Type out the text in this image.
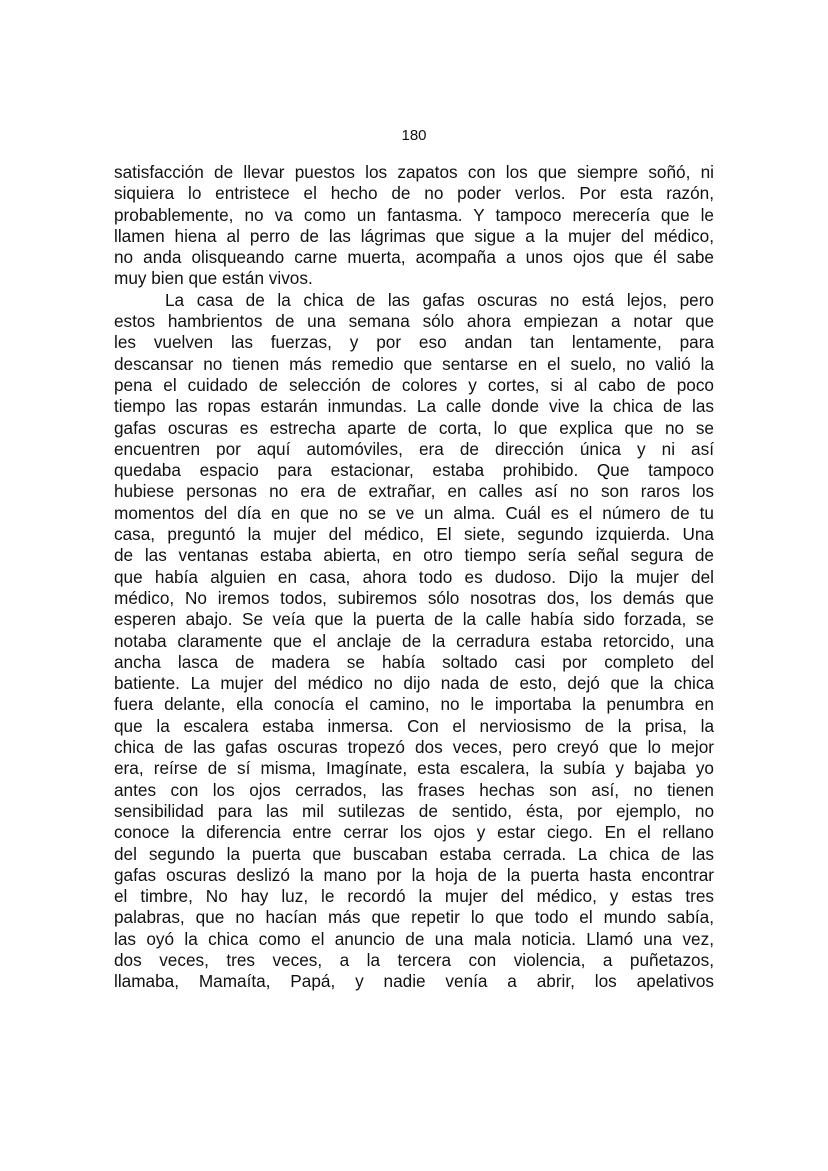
180
satisfacción de llevar puestos los zapatos con los que siempre soñó, ni
siquiera lo entristece el hecho de no poder verlos. Por esta razón,
probablemente, no va como un fantasma. Y tampoco merecería que le
llamen hiena al perro de las lágrimas que sigue a la mujer del médico,
no anda olisqueando carne muerta, acompaña a unos ojos que él sabe
muy bien que están vivos.
La casa de la chica de las gafas oscuras no está lejos, pero
estos hambrientos de una semana sólo ahora empiezan a notar que
les vuelven las fuerzas, y por eso andan tan lentamente, para
descansar no tienen más remedio que sentarse en el suelo, no valió la
pena el cuidado de selección de colores y cortes, si al cabo de poco
tiempo las ropas estarán inmundas. La calle donde vive la chica de las
gafas oscuras es estrecha aparte de corta, lo que explica que no se
encuentren por aquí automóviles, era de dirección única y ni así
quedaba espacio para estacionar, estaba prohibido. Que tampoco
hubiese personas no era de extrañar, en calles así no son raros los
momentos del día en que no se ve un alma. Cuál es el número de tu
casa, preguntó la mujer del médico, El siete, segundo izquierda. Una
de las ventanas estaba abierta, en otro tiempo sería señal segura de
que había alguien en casa, ahora todo es dudoso. Dijo la mujer del
médico, No iremos todos, subiremos sólo nosotras dos, los demás que
esperen abajo. Se veía que la puerta de la calle había sido forzada, se
notaba claramente que el anclaje de la cerradura estaba retorcido, una
ancha lasca de madera se había soltado casi por completo del
batiente. La mujer del médico no dijo nada de esto, dejó que la chica
fuera delante, ella conocía el camino, no le importaba la penumbra en
que la escalera estaba inmersa. Con el nerviosismo de la prisa, la
chica de las gafas oscuras tropezó dos veces, pero creyó que lo mejor
era, reírse de sí misma, Imagínate, esta escalera, la subía y bajaba yo
antes con los ojos cerrados, las frases hechas son así, no tienen
sensibilidad para las mil sutilezas de sentido, ésta, por ejemplo, no
conoce la diferencia entre cerrar los ojos y estar ciego. En el rellano
del segundo la puerta que buscaban estaba cerrada. La chica de las
gafas oscuras deslizó la mano por la hoja de la puerta hasta encontrar
el timbre, No hay luz, le recordó la mujer del médico, y estas tres
palabras, que no hacían más que repetir lo que todo el mundo sabía,
las oyó la chica como el anuncio de una mala noticia. Llamó una vez,
dos veces, tres veces, a la tercera con violencia, a puñetazos,
llamaba, Mamaíta, Papá, y nadie venía a abrir, los apelativos
